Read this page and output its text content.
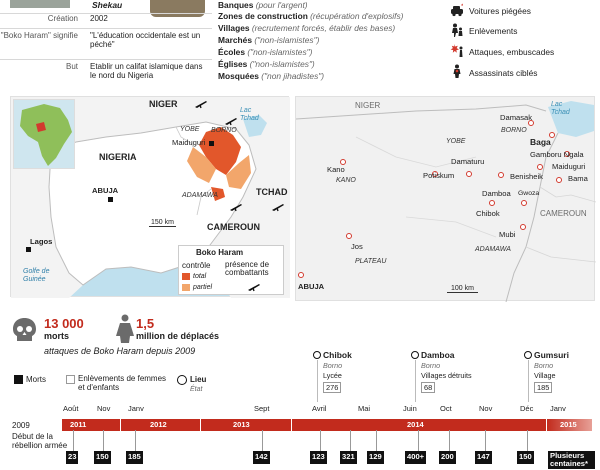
Shekau
Création 2002
"Boko Haram" signifie "L'éducation occidentale est un péché"
But Etablir un califat islamique dans le nord du Nigeria
Banques (pour l'argent)
Zones de construction (récupération d'explosifs)
Villages (recrutement forcés, établir des bases)
Marchés ("non-islamistes")
Écoles ("non-islamistes")
Églises ("non-islamistes")
Mosquées ("non jihadistes")
Voitures piégées
Enlèvements
Attaques, embuscades
Assassinats ciblés
NIGER
NIGERIA
TCHAD
CAMEROUN
Lac Tchad
Golfe de Guinée
YOBE BORNO
ADAMAWA
Maiduguri
ABUJA
Lagos
150 km
Boko Haram
contrôle
total
partiel
présence de combattants
NIGER	Lac Tchad
CAMEROUN
YOBE
BORNO
KANO
PLATEAU
ADAMAWA
Damasak
Baga
Gamboru Ngala
Maiduguri
Benisheik	Bama
Damaturu
Potiskum
Kano
Damboa Gwoza
Chibok
Mubi
Jos
ABUJA	100 km
13 000
morts
1,5
million de déplacés
attaques de Boko Haram depuis 2009
Morts	Enlèvements de femmes et d'enfants
Lieu
État
Chibok
Borno
Lycée
276
Damboa
Borno
Villages détruits
68
Gumsuri
Borno
Village
185
2009
Début de la rébellion armée
2011	2012	2013	2014	2015
Août Nov Janv	Sept	Avril	Mai	Juin	Oct	Nov	Déc Janv
23	150	185	142	123 321 129	400+ 200	147	150 Plusieurs centaines*
